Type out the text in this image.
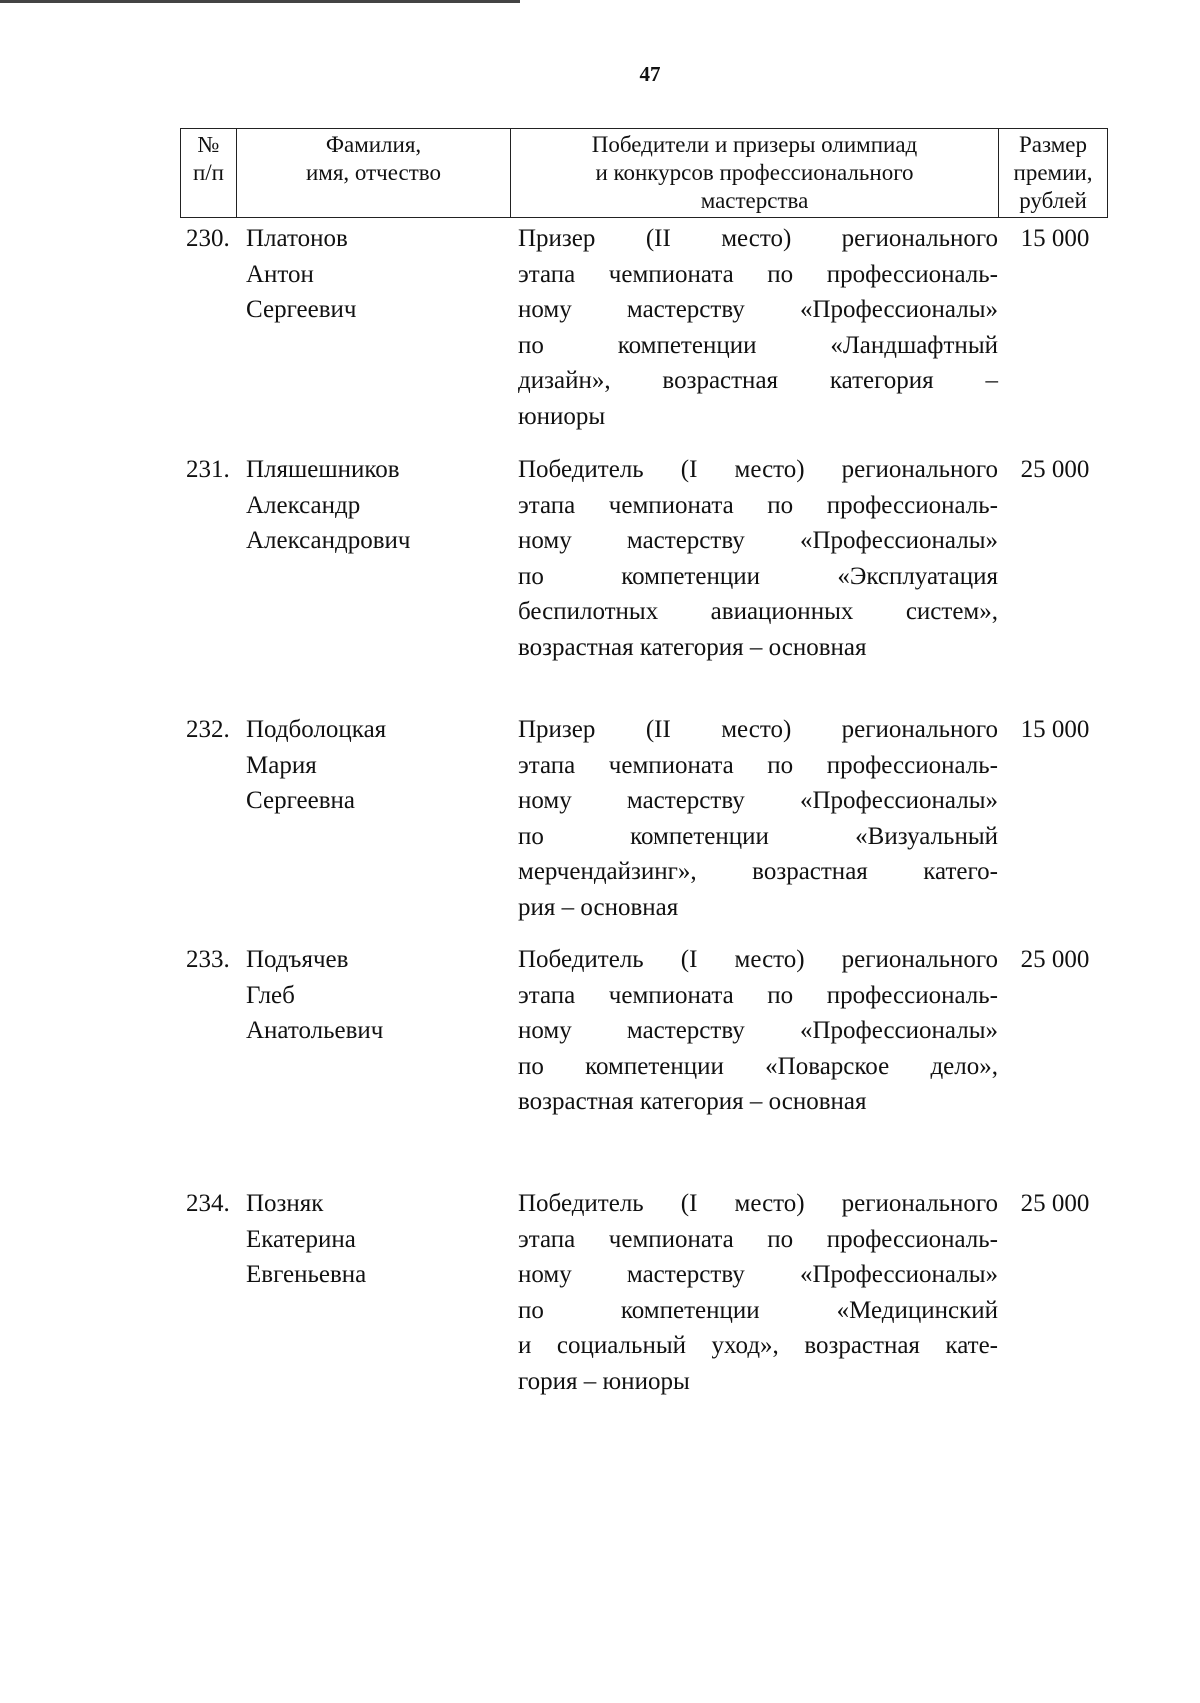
47
№
п/п
Фамилия,
имя, отчество
Победители и призеры олимпиад
и конкурсов профессионального
мастерства
Размер
премии,
рублей
230. Платонов
Антон
Сергеевич
Призер (II место) регионального
этапа чемпионата по профессиональ-
ному мастерству «Профессионалы»
по компетенции «Ландшафтный
дизайн», возрастная категория –
юниоры
15 000
231. Пляшешников
Александр
Александрович
Победитель (I место) регионального
этапа чемпионата по профессиональ-
ному мастерству «Профессионалы»
по компетенции «Эксплуатация
беспилотных авиационных систем»,
возрастная категория – основная
25 000
232. Подболоцкая
Мария
Сергеевна
Призер (II место) регионального
этапа чемпионата по профессиональ-
ному мастерству «Профессионалы»
по компетенции «Визуальный
мерчендайзинг», возрастная катего-
рия – основная
15 000
233. Подъячев
Глеб
Анатольевич
Победитель (I место) регионального
этапа чемпионата по профессиональ-
ному мастерству «Профессионалы»
по компетенции «Поварское дело»,
возрастная категория – основная
25 000
234. Позняк
Екатерина
Евгеньевна
Победитель (I место) регионального
этапа чемпионата по профессиональ-
ному мастерству «Профессионалы»
по компетенции «Медицинский
и социальный уход», возрастная кате-
гория – юниоры
25 000
